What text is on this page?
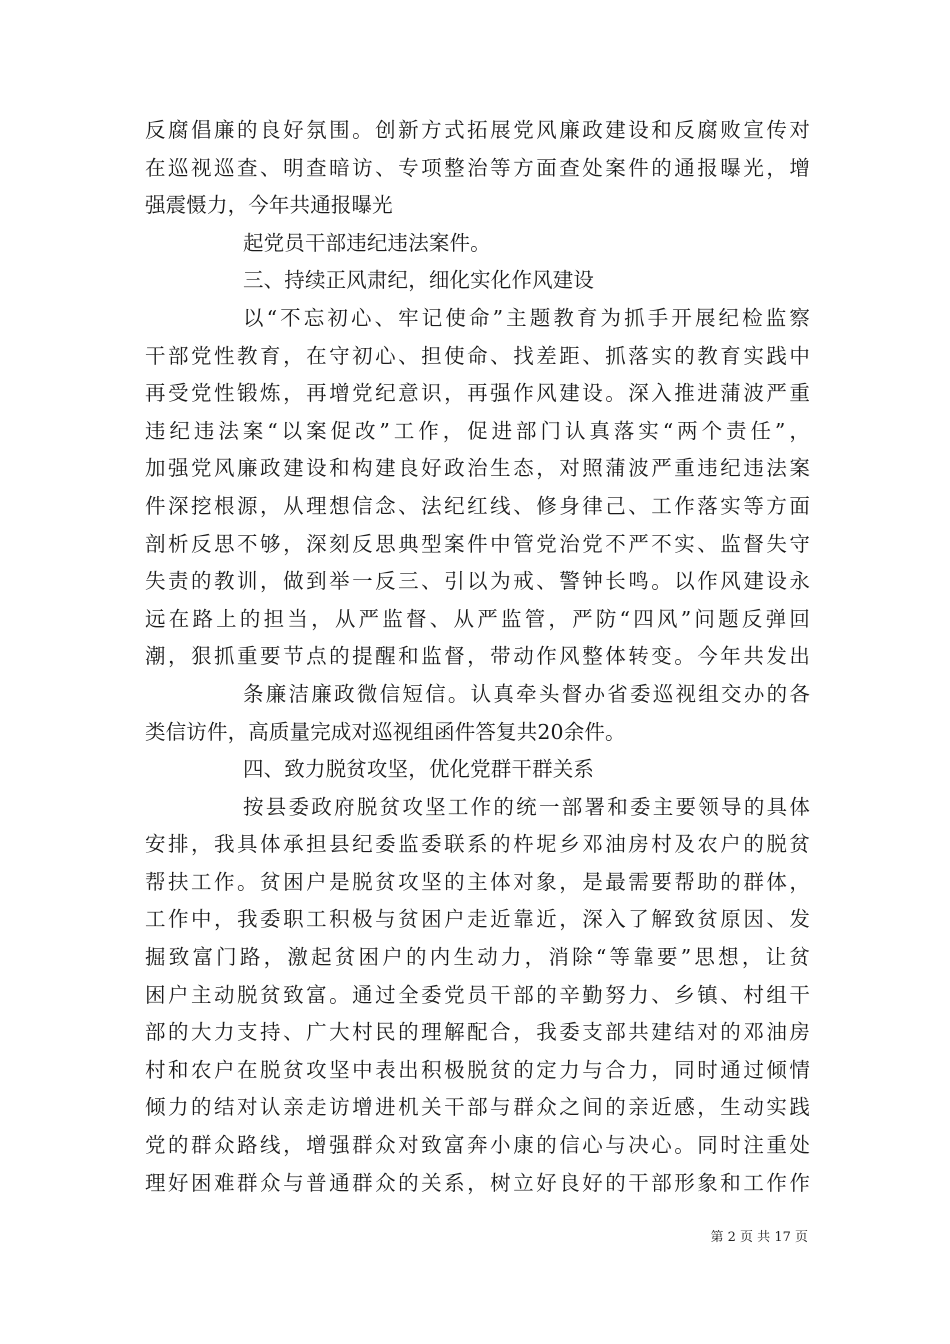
反腐倡廉的良好氛围。创新方式拓展党风廉政建设和反腐败宣传对
在巡视巡查、明查暗访、专项整治等方面查处案件的通报曝光，增
强震慑力，今年共通报曝光
起党员干部违纪违法案件。
三、持续正风肃纪，细化实化作风建设
以“不忘初心、牢记使命”主题教育为抓手开展纪检监察
干部党性教育，在守初心、担使命、找差距、抓落实的教育实践中
再受党性锻炼，再增党纪意识，再强作风建设。深入推进蒲波严重
违纪违法案“以案促改”工作，促进部门认真落实“两个责任”，
加强党风廉政建设和构建良好政治生态，对照蒲波严重违纪违法案
件深挖根源，从理想信念、法纪红线、修身律己、工作落实等方面
剖析反思不够，深刻反思典型案件中管党治党不严不实、监督失守
失责的教训，做到举一反三、引以为戒、警钟长鸣。以作风建设永
远在路上的担当，从严监督、从严监管，严防“四风”问题反弹回
潮，狠抓重要节点的提醒和监督，带动作风整体转变。今年共发出
条廉洁廉政微信短信。认真牵头督办省委巡视组交办的各
类信访件，高质量完成对巡视组函件答复共20余件。
四、致力脱贫攻坚，优化党群干群关系
按县委政府脱贫攻坚工作的统一部署和委主要领导的具体
安排，我具体承担县纪委监委联系的杵坭乡邓油房村及农户的脱贫
帮扶工作。贫困户是脱贫攻坚的主体对象，是最需要帮助的群体，
工作中，我委职工积极与贫困户走近靠近，深入了解致贫原因、发
掘致富门路，激起贫困户的内生动力，消除“等靠要”思想，让贫
困户主动脱贫致富。通过全委党员干部的辛勤努力、乡镇、村组干
部的大力支持、广大村民的理解配合，我委支部共建结对的邓油房
村和农户在脱贫攻坚中表出积极脱贫的定力与合力，同时通过倾情
倾力的结对认亲走访增进机关干部与群众之间的亲近感，生动实践
党的群众路线，增强群众对致富奔小康的信心与决心。同时注重处
理好困难群众与普通群众的关系，树立好良好的干部形象和工作作
第 2 页 共 17 页
